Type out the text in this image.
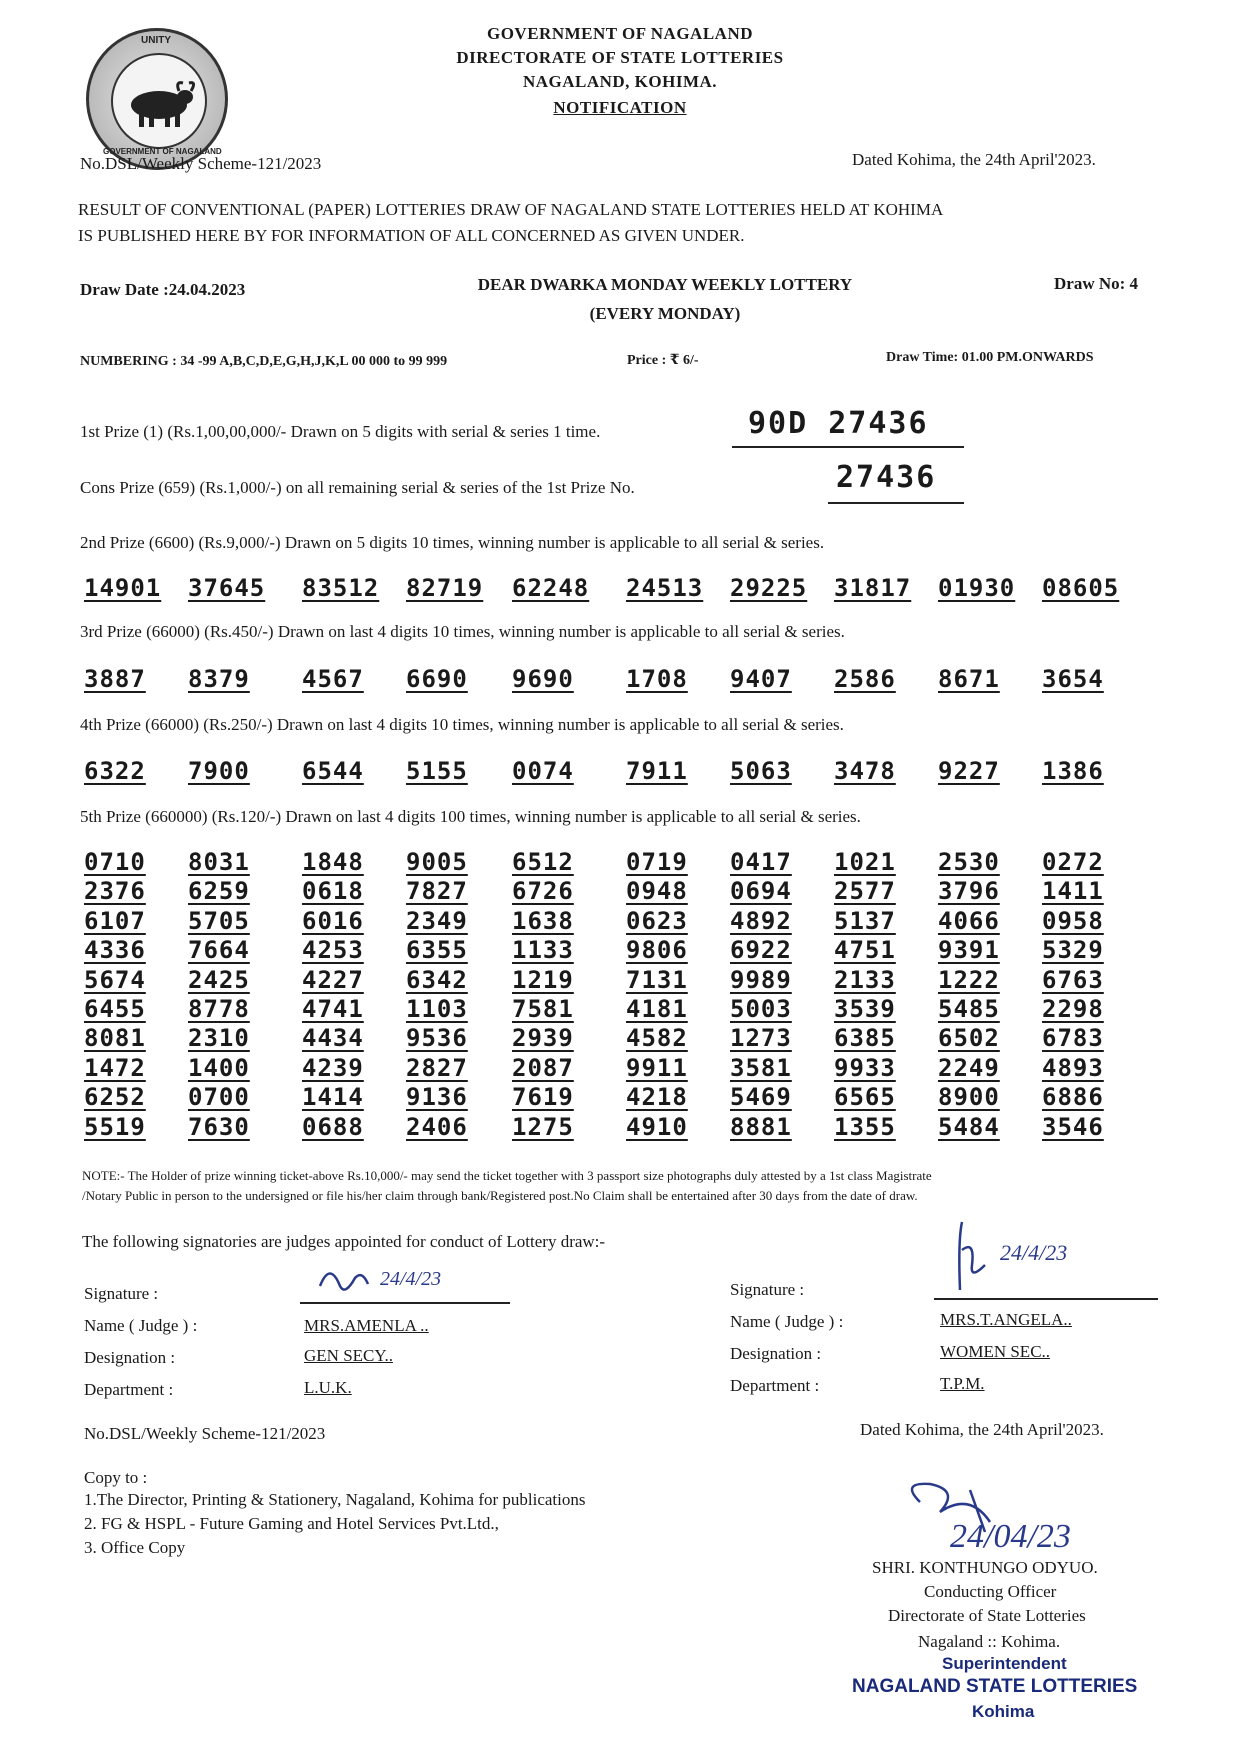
UNITY
GOVERNMENT OF NAGALAND
GOVERNMENT OF NAGALAND
DIRECTORATE OF STATE LOTTERIES
NAGALAND, KOHIMA.
NOTIFICATION
No.DSL/Weekly Scheme-121/2023	Dated Kohima, the 24th April'2023.
RESULT OF CONVENTIONAL (PAPER) LOTTERIES DRAW OF NAGALAND STATE LOTTERIES HELD AT KOHIMA
IS PUBLISHED HERE BY FOR INFORMATION OF ALL CONCERNED AS GIVEN UNDER.
Draw Date :24.04.2023	DEAR DWARKA MONDAY WEEKLY LOTTERY
(EVERY MONDAY)
Draw No: 4
NUMBERING : 34 -99 A,B,C,D,E,G,H,J,K,L 00 000 to 99 999	Price : ₹ 6/-	Draw Time: 01.00 PM.ONWARDS
1st Prize (1) (Rs.1,00,00,000/- Drawn on 5 digits with serial & series 1 time.	90D 27436
Cons Prize (659) (Rs.1,000/-) on all remaining serial & series of the 1st Prize No.	27436
2nd Prize (6600) (Rs.9,000/-) Drawn on 5 digits 10 times, winning number is applicable to all serial & series.
14901 37645 83512 82719 62248 24513 29225 31817 01930 08605
3rd Prize (66000) (Rs.450/-) Drawn on last 4 digits 10 times, winning number is applicable to all serial & series.
3887 8379 4567 6690 9690 1708 9407 2586 8671 3654
4th Prize (66000) (Rs.250/-) Drawn on last 4 digits 10 times, winning number is applicable to all serial & series.
6322 7900 6544 5155 0074 7911 5063 3478 9227 1386
5th Prize (660000) (Rs.120/-) Drawn on last 4 digits 100 times, winning number is applicable to all serial & series.
0710 8031 1848 9005 6512 0719 0417 1021 2530 0272
2376 6259 0618 7827 6726 0948 0694 2577 3796 1411
6107 5705 6016 2349 1638 0623 4892 5137 4066 0958
4336 7664 4253 6355 1133 9806 6922 4751 9391 5329
5674 2425 4227 6342 1219 7131 9989 2133 1222 6763
6455 8778 4741 1103 7581 4181 5003 3539 5485 2298
8081 2310 4434 9536 2939 4582 1273 6385 6502 6783
1472 1400 4239 2827 2087 9911 3581 9933 2249 4893
6252 0700 1414 9136 7619 4218 5469 6565 8900 6886
5519 7630 0688 2406 1275 4910 8881 1355 5484 3546
NOTE:- The Holder of prize winning ticket-above Rs.10,000/- may send the ticket together with 3 passport size photographs duly attested by a 1st class Magistrate
/Notary Public in person to the undersigned or file his/her claim through bank/Registered post.No Claim shall be entertained after 30 days from the date of draw.
The following signatories are judges appointed for conduct of Lottery draw:-
Signature :
24/4/23
Name ( Judge ) :	MRS.AMENLA ..
Designation :	GEN SECY..
Department :	L.U.K.
Signature :
24/4/23
Name ( Judge ) :	MRS.T.ANGELA..
Designation :	WOMEN SEC..
Department :	T.P.M.
No.DSL/Weekly Scheme-121/2023	Dated Kohima, the 24th April'2023.
Copy to :
1.The Director, Printing & Stationery, Nagaland, Kohima for publications
2. FG & HSPL - Future Gaming and Hotel Services Pvt.Ltd.,
3. Office Copy	24/04/23
SHRI. KONTHUNGO ODYUO.
Conducting Officer
Directorate of State Lotteries
Nagaland :: Kohima.
Superintendent
NAGALAND STATE LOTTERIES
Kohima
